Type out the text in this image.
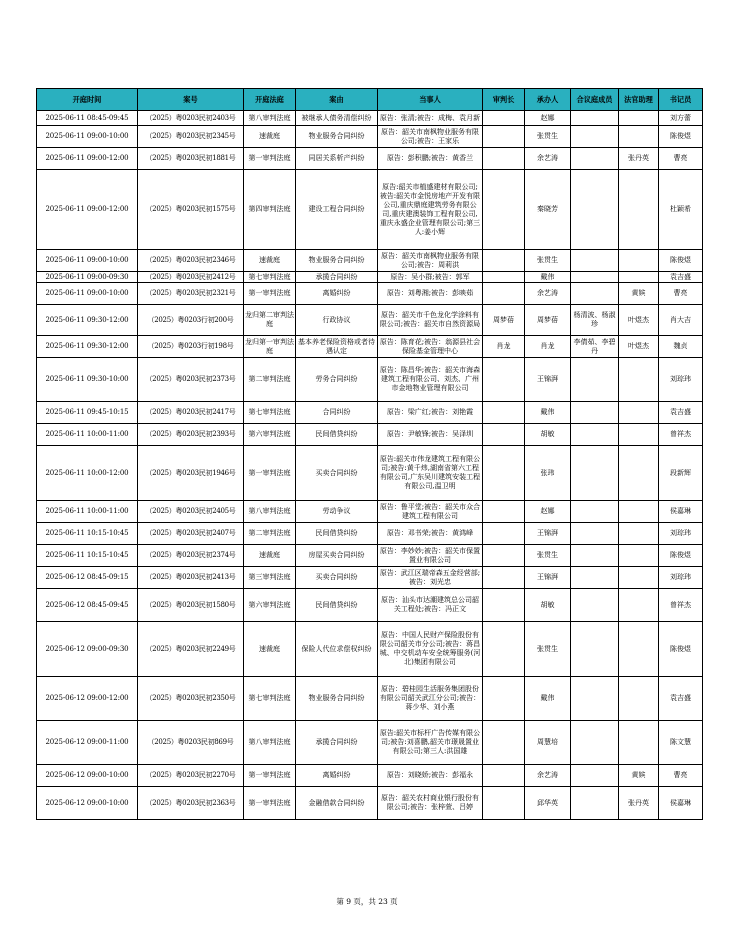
开庭时间	案号	开庭法庭	案由	当事人	审判长	承办人	合议庭成员	法官助理	书记员
2025-06-11 08:45-09:45	（2025）粤0203民初2403号	第八审判法庭	被继承人债务清偿纠纷	原告：张清;被告：成梅、袁月新		赵娜			刘方蕾
2025-06-11 09:00-10:00	（2025）粤0203民初2345号	速裁庭	物业服务合同纠纷	原告：韶关市南枫物业服务有限公司;被告：王家乐		张贯生			陈俊煜
2025-06-11 09:00-12:00	（2025）粤0203民初1881号	第一审判法庭	同居关系析产纠纷	原告：彭积鹏;被告：黄香兰		余艺涛		张丹英	曹亮
2025-06-11 09:00-12:00	（2025）粤0203民初1575号	第四审判法庭	建设工程合同纠纷	原告:韶关市植盛建材有限公司;被告:韶关市金悦房地产开发有限公司,重庆鼎庭建筑劳务有限公司,重庆建澳装饰工程有限公司,重庆永盛企业管理有限公司;第三人:姜小辉		秦晓芳			杜颖希
2025-06-11 09:00-10:00	（2025）粤0203民初2346号	速裁庭	物业服务合同纠纷	原告：韶关市南枫物业服务有限公司;被告：周莉洪		张贯生			陈俊煜
2025-06-11 09:00-09:30	（2025）粤0203民初2412号	第七审判法庭	承揽合同纠纷	原告：吴小群;被告：郭军		戴伟			袁吉盛
2025-06-11 09:00-10:00	（2025）粤0203民初2321号	第一审判法庭	离婚纠纷	原告：刘粤湘;被告：彭映茹		余艺涛		黄嫔	曹亮
2025-06-11 09:30-12:00	（2025）粤0203行初200号	龙归第二审判法庭	行政协议	原告：韶关市千色龙化学涂料有限公司;被告：韶关市自然资源局	周梦蓓	周梦蓓	杨清波、杨淑珍	叶煜杰	肖大吉
2025-06-11 09:30-12:00	（2025）粤0203行初198号	龙归第一审判法庭	基本养老保险资格或者待遇认定	原告：陈育花;被告：翁源县社会保险基金管理中心	肖龙	肖龙	李倩茹、李碧丹	叶煜杰	魏贞
2025-06-11 09:30-10:00	（2025）粤0203民初2373号	第二审判法庭	劳务合同纠纷	原告：陈昌华;被告：韶关市海森建筑工程有限公司、刘杰、广州市金地物业管理有限公司		王锦湃			刘琮玮
2025-06-11 09:45-10:15	（2025）粤0203民初2417号	第七审判法庭	合同纠纷	原告：梁广红;被告：刘艳霞		戴伟			袁吉盛
2025-06-11 10:00-11:00	（2025）粤0203民初2393号	第六审判法庭	民间借贷纠纷	原告：尹敏锋;被告：吴泽圳		胡敏			曾祥杰
2025-06-11 10:00-12:00	（2025）粤0203民初1946号	第一审判法庭	买卖合同纠纷	原告:韶关市伟龙建筑工程有限公司;被告:黄千炜,湖南省第六工程有限公司,广东吴川建筑安装工程有限公司,温卫明		张玮			段新辉
2025-06-11 10:00-11:00	（2025）粤0203民初2405号	第八审判法庭	劳动争议	原告：鲁平堂;被告：韶关市众合建筑工程有限公司		赵娜			侯嘉琳
2025-06-11 10:15-10:45	（2025）粤0203民初2407号	第二审判法庭	民间借贷纠纷	原告：邓书荣;被告：黄鸿峰		王锦湃			刘琮玮
2025-06-11 10:15-10:45	（2025）粤0203民初2374号	速裁庭	房屋买卖合同纠纷	原告：李妙妙;被告：韶关市保置置业有限公司		张贯生			陈俊煜
2025-06-12 08:45-09:15	（2025）粤0203民初2413号	第三审判法庭	买卖合同纠纷	原告：武江区瑞帝森五金经营部;被告：刘光忠		王锦湃			刘琮玮
2025-06-12 08:45-09:45	（2025）粤0203民初1580号	第六审判法庭	民间借贷纠纷	原告：汕头市达潮建筑总公司韶关工程处;被告：冯正文		胡敏			曾祥杰
2025-06-12 09:00-09:30	（2025）粤0203民初2249号	速裁庭	保险人代位求偿权纠纷	原告：中国人民财产保险股份有限公司韶关市分公司;被告：蒋昌城、中交机动车安全统筹服务(河北)集团有限公司		张贯生			陈俊煜
2025-06-12 09:00-12:00	（2025）粤0203民初2350号	第七审判法庭	物业服务合同纠纷	原告：碧桂园生活服务集团股份有限公司韶关武江分公司;被告：蒋少华、刘小燕		戴伟			袁吉盛
2025-06-12 09:00-11:00	（2025）粤0203民初869号	第八审判法庭	承揽合同纠纷	原告:韶关市标杆广告传媒有限公司;被告:刘喜鹏,韶关市璟晟置业有限公司;第三人:洪国雄		周慧培			陈文慧
2025-06-12 09:00-10:00	（2025）粤0203民初2270号	第一审判法庭	离婚纠纷	原告：刘晓娇;被告：彭福永		余艺涛		黄嫔	曹亮
2025-06-12 09:00-10:00	（2025）粤0203民初2363号	第一审判法庭	金融借款合同纠纷	原告：韶关农村商业银行股份有限公司;被告：张梓萱、吕婷		邱华英		张丹英	侯嘉琳
第 9 页，共 23 页
